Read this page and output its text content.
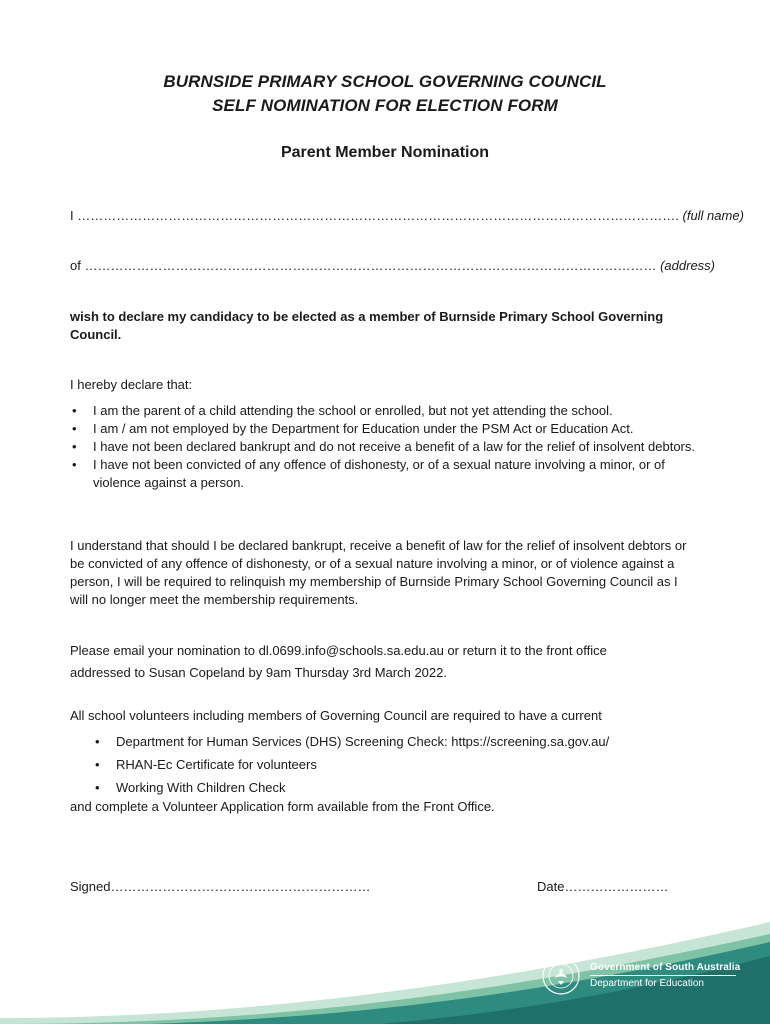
BURNSIDE PRIMARY SCHOOL GOVERNING COUNCIL
SELF NOMINATION FOR ELECTION FORM
Parent Member Nomination
I …………………………………………………………………………………………………………………………. (full name)
of …………………………………………………………………………………………………………………… (address)
wish to declare my candidacy to be elected as a member of Burnside Primary School Governing Council.
I hereby declare that:
• I am the parent of a child attending the school or enrolled, but not yet attending the school.
• I am / am not employed by the Department for Education under the PSM Act or Education Act.
• I have not been declared bankrupt and do not receive a benefit of a law for the relief of insolvent debtors.
• I have not been convicted of any offence of dishonesty, or of a sexual nature involving a minor, or of violence against a person.
I understand that should I be declared bankrupt, receive a benefit of law for the relief of insolvent debtors or be convicted of any offence of dishonesty, or of a sexual nature involving a minor, or of violence against a person, I will be required to relinquish my membership of Burnside Primary School Governing Council as I will no longer meet the membership requirements.
Please email your nomination to dl.0699.info@schools.sa.edu.au or return it to the front office
addressed to Susan Copeland by 9am Thursday 3rd March 2022.
All school volunteers including members of Governing Council are required to have a current
• Department for Human Services (DHS) Screening Check: https://screening.sa.gov.au/
• RHAN-Ec Certificate for volunteers
• Working With Children Check
and complete a Volunteer Application form available from the Front Office.
Signed……………………………………………………	Date……………………
Government of South Australia
Department for Education
